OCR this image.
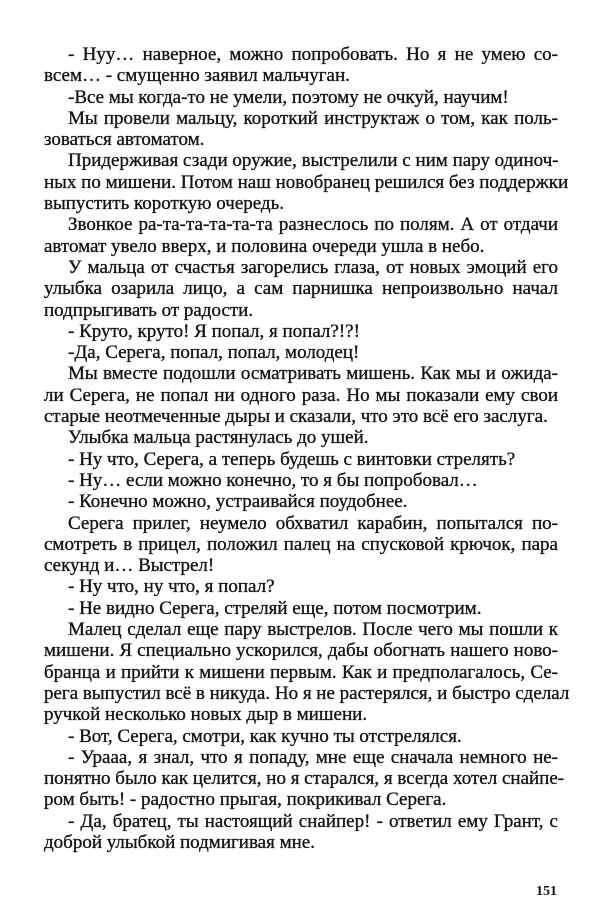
- Нуу… наверное, можно попробовать. Но я не умею со-
всем… - смущенно заявил мальчуган.
-Все мы когда-то не умели, поэтому не очкуй, научим!
Мы провели мальцу, короткий инструктаж о том, как поль-
зоваться автоматом.
Придерживая сзади оружие, выстрелили с ним пару одиноч-
ных по мишени. Потом наш новобранец решился без поддержки
выпустить короткую очередь.
Звонкое ра-та-та-та-та-та разнеслось по полям. А от отдачи
автомат увело вверх, и половина очереди ушла в небо.
У мальца от счастья загорелись глаза, от новых эмоций его
улыбка озарила лицо, а сам парнишка непроизвольно начал
подпрыгивать от радости.
- Круто, круто! Я попал, я попал?!?!
-Да, Серега, попал, попал, молодец!
Мы вместе подошли осматривать мишень. Как мы и ожида-
ли Серега, не попал ни одного раза. Но мы показали ему свои
старые неотмеченные дыры и сказали, что это всё его заслуга.
Улыбка мальца растянулась до ушей.
- Ну что, Серега, а теперь будешь с винтовки стрелять?
- Ну… если можно конечно, то я бы попробовал…
- Конечно можно, устраивайся поудобнее.
Серега прилег, неумело обхватил карабин, попытался по-
смотреть в прицел, положил палец на спусковой крючок, пара
секунд и… Выстрел!
- Ну что, ну что, я попал?
- Не видно Серега, стреляй еще, потом посмотрим.
Малец сделал еще пару выстрелов. После чего мы пошли к
мишени. Я специально ускорился, дабы обогнать нашего ново-
бранца и прийти к мишени первым. Как и предполагалось, Се-
рега выпустил всё в никуда. Но я не растерялся, и быстро сделал
ручкой несколько новых дыр в мишени.
- Вот, Серега, смотри, как кучно ты отстрелялся.
- Урааа, я знал, что я попаду, мне еще сначала немного не-
понятно было как целится, но я старался, я всегда хотел снайпе-
ром быть! - радостно прыгая, покрикивал Серега.
- Да, братец, ты настоящий снайпер! - ответил ему Грант, с
доброй улыбкой подмигивая мне.
151
